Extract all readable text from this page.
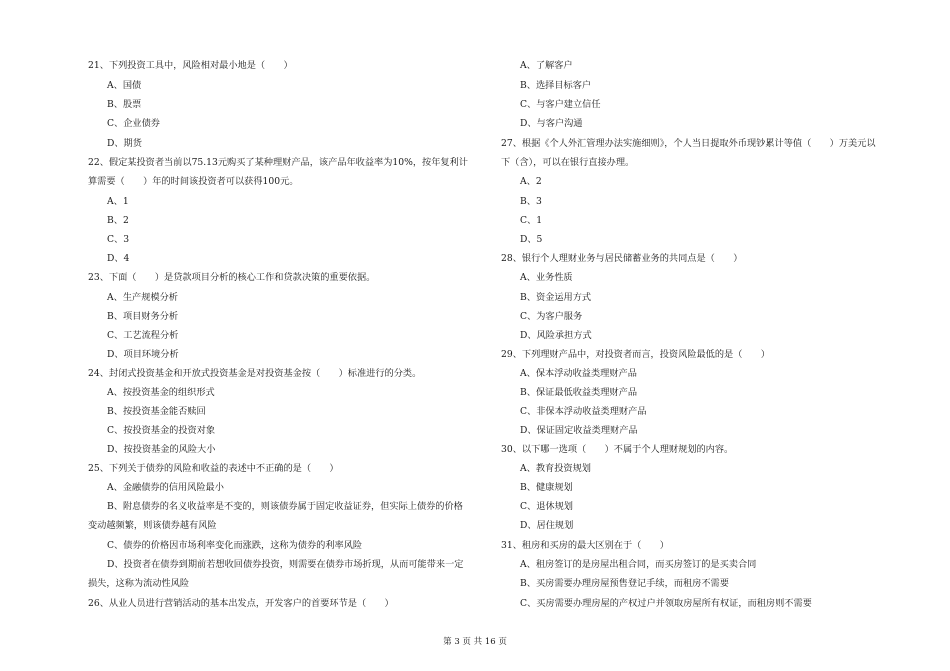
21、下列投资工具中，风险相对最小地是（　　）
A、国债
B、股票
C、企业债券
D、期货
22、假定某投资者当前以75.13元购买了某种理财产品，该产品年收益率为10%，按年复利计
算需要（　　）年的时间该投资者可以获得100元。
A、1
B、2
C、3
D、4
23、下面（　　）是贷款项目分析的核心工作和贷款决策的重要依据。
A、生产规模分析
B、项目财务分析
C、工艺流程分析
D、项目环境分析
24、封闭式投资基金和开放式投资基金是对投资基金按（　　）标准进行的分类。
A、按投资基金的组织形式
B、按投资基金能否赎回
C、按投资基金的投资对象
D、按投资基金的风险大小
25、下列关于债券的风险和收益的表述中不正确的是（　　）
A、金融债券的信用风险最小
B、附息债券的名义收益率是不变的，则该债券属于固定收益证券，但实际上债券的价格
变动越频繁，则该债券越有风险
C、债券的价格因市场利率变化而涨跌，这称为债券的利率风险
D、投资者在债券到期前若想收回债券投资，则需要在债券市场折现，从而可能带来一定
损失，这称为流动性风险
26、从业人员进行营销活动的基本出发点，开发客户的首要环节是（　　）
A、了解客户
B、选择目标客户
C、与客户建立信任
D、与客户沟通
27、根据《个人外汇管理办法实施细则》，个人当日提取外币现钞累计等值（　　）万美元以
下（含），可以在银行直接办理。
A、2
B、3
C、1
D、5
28、银行个人理财业务与居民储蓄业务的共同点是（　　）
A、业务性质
B、资金运用方式
C、为客户服务
D、风险承担方式
29、下列理财产品中，对投资者而言，投资风险最低的是（　　）
A、保本浮动收益类理财产品
B、保证最低收益类理财产品
C、非保本浮动收益类理财产品
D、保证固定收益类理财产品
30、以下哪一选项（　　）不属于个人理财规划的内容。
A、教育投资规划
B、健康规划
C、退休规划
D、居住规划
31、租房和买房的最大区别在于（　　）
A、租房签订的是房屋出租合同，而买房签订的是买卖合同
B、买房需要办理房屋预售登记手续，而租房不需要
C、买房需要办理房屋的产权过户并领取房屋所有权证，而租房则不需要
第 3 页 共 16 页
